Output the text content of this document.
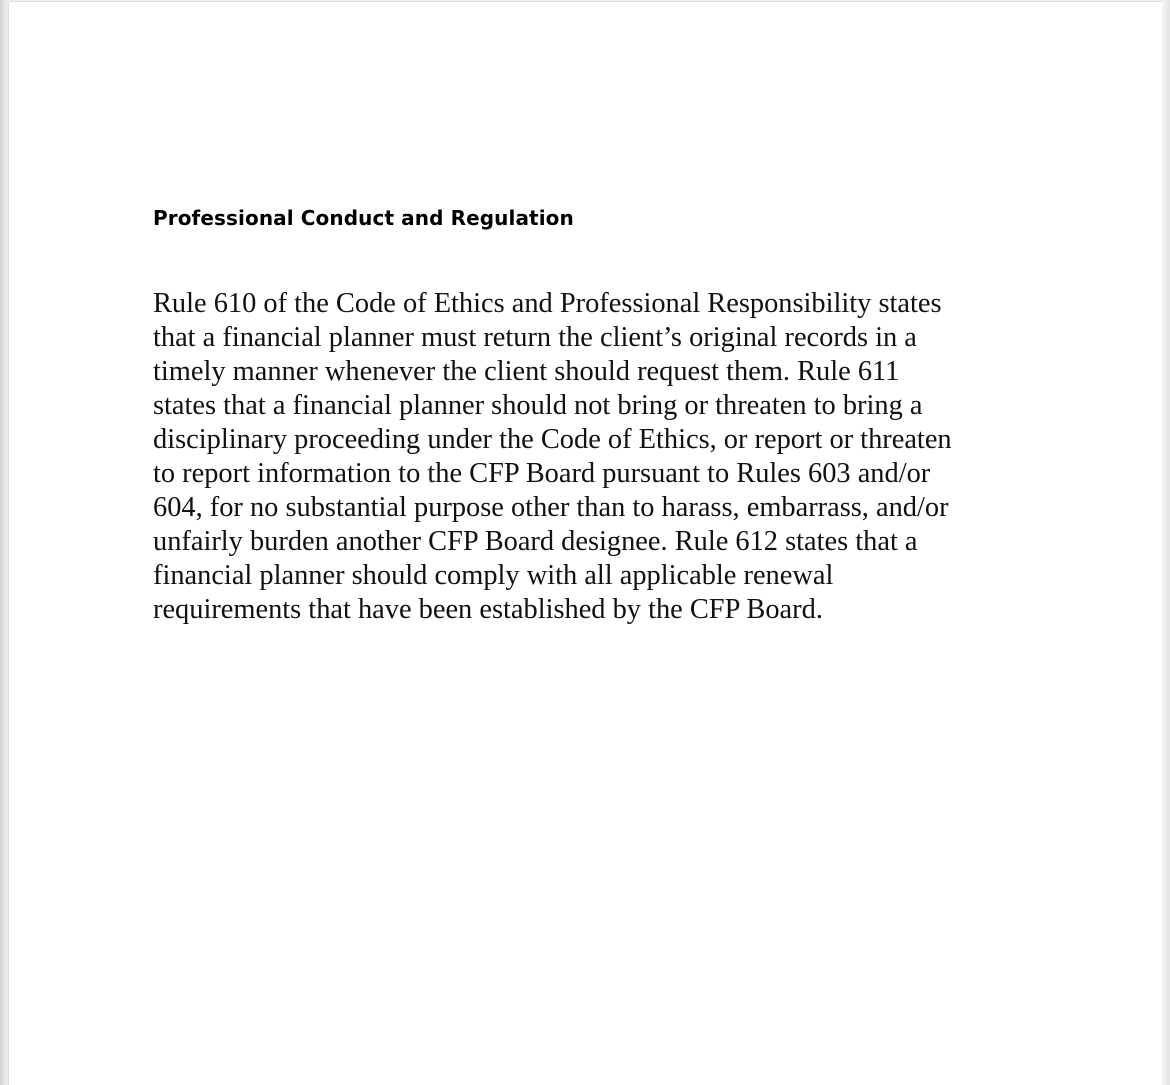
Professional Conduct and Regulation

Rule 610 of the Code of Ethics and Professional Responsibility states
that a financial planner must return the client’s original records in a
timely manner whenever the client should request them. Rule 611
states that a financial planner should not bring or threaten to bring a
disciplinary proceeding under the Code of Ethics, or report or threaten
to report information to the CFP Board pursuant to Rules 603 and/or
604, for no substantial purpose other than to harass, embarrass, and/or
unfairly burden another CFP Board designee. Rule 612 states that a
financial planner should comply with all applicable renewal
requirements that have been established by the CFP Board.
